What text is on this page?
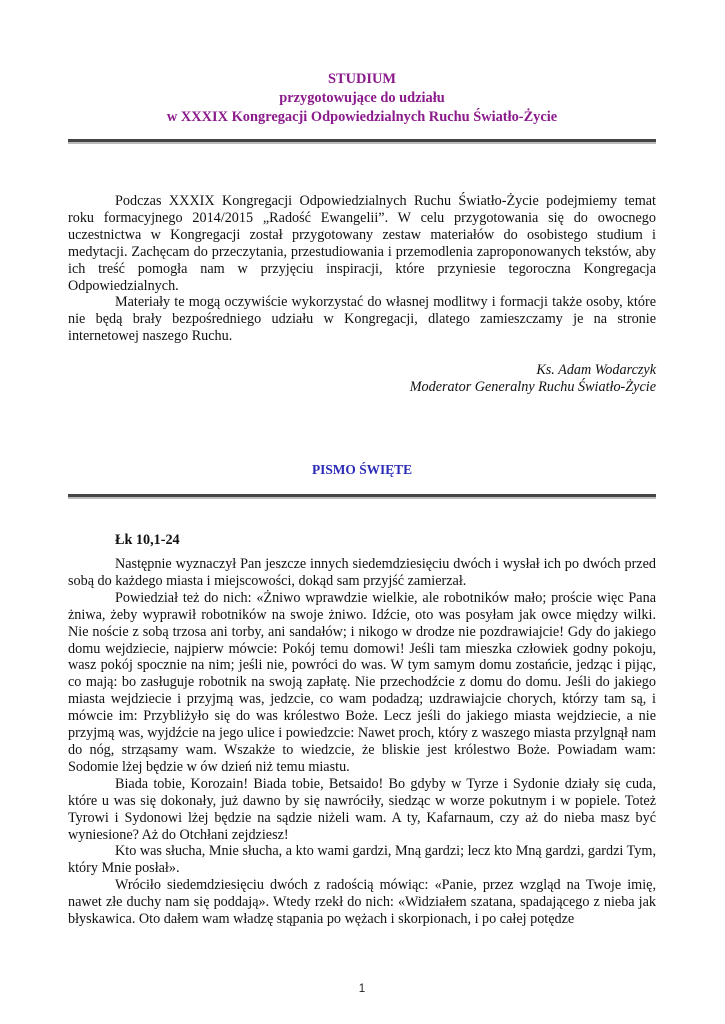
STUDIUM
przygotowujące do udziału
w XXXIX Kongregacji Odpowiedzialnych Ruchu Światło-Życie

Podczas XXXIX Kongregacji Odpowiedzialnych Ruchu Światło-Życie podejmiemy temat roku formacyjnego 2014/2015 „Radość Ewangelii”. W celu przygotowania się do owocnego uczestnictwa w Kongregacji został przygotowany zestaw materiałów do osobistego studium i medytacji. Zachęcam do przeczytania, przestudiowania i przemodlenia zaproponowanych tekstów, aby ich treść pomogła nam w przyjęciu inspiracji, które przyniesie tegoroczna Kongregacja Odpowiedzialnych.

Materiały te mogą oczywiście wykorzystać do własnej modlitwy i formacji także osoby, które nie będą brały bezpośredniego udziału w Kongregacji, dlatego zamieszczamy je na stronie internetowej naszego Ruchu.

Ks. Adam Wodarczyk
Moderator Generalny Ruchu Światło-Życie
PISMO ŚWIĘTE
Łk 10,1-24

Następnie wyznaczył Pan jeszcze innych siedemdziesięciu dwóch i wysłał ich po dwóch przed sobą do każdego miasta i miejscowości, dokąd sam przyjść zamierzał.

Powiedział też do nich: «Żniwo wprawdzie wielkie, ale robotników mało; proście więc Pana żniwa, żeby wyprawił robotników na swoje żniwo. Idźcie, oto was posyłam jak owce między wilki. Nie noście z sobą trzosa ani torby, ani sandałów; i nikogo w drodze nie pozdrawiajcie! Gdy do jakiego domu wejdziecie, najpierw mówcie: Pokój temu domowi! Jeśli tam mieszka człowiek godny pokoju, wasz pokój spocznie na nim; jeśli nie, powróci do was. W tym samym domu zostańcie, jedząc i pijąc, co mają: bo zasługuje robotnik na swoją zapłatę. Nie przechodźcie z domu do domu. Jeśli do jakiego miasta wejdziecie i przyjmą was, jedzcie, co wam podadzą; uzdrawiajcie chorych, którzy tam są, i mówcie im: Przybliżyło się do was królestwo Boże. Lecz jeśli do jakiego miasta wejdziecie, a nie przyjmą was, wyjdźcie na jego ulice i powiedzcie: Nawet proch, który z waszego miasta przylgnął nam do nóg, strząsamy wam. Wszakże to wiedzcie, że bliskie jest królestwo Boże. Powiadam wam: Sodomie lżej będzie w ów dzień niż temu miastu.

Biada tobie, Korozain! Biada tobie, Betsaido! Bo gdyby w Tyrze i Sydonie działy się cuda, które u was się dokonały, już dawno by się nawróciły, siedząc w worze pokutnym i w popiele. Toteż Tyrowi i Sydonowi lżej będzie na sądzie niżeli wam. A ty, Kafarnaum, czy aż do nieba masz być wyniesione? Aż do Otchłani zejdziesz!

Kto was słucha, Mnie słucha, a kto wami gardzi, Mną gardzi; lecz kto Mną gardzi, gardzi Tym, który Mnie posłał».

Wróciło siedemdziesięciu dwóch z radością mówiąc: «Panie, przez wzgląd na Twoje imię, nawet złe duchy nam się poddają». Wtedy rzekł do nich: «Widziałem szatana, spadającego z nieba jak błyskawica. Oto dałem wam władzę stąpania po wężach i skorpionach, i po całej potędze

1
